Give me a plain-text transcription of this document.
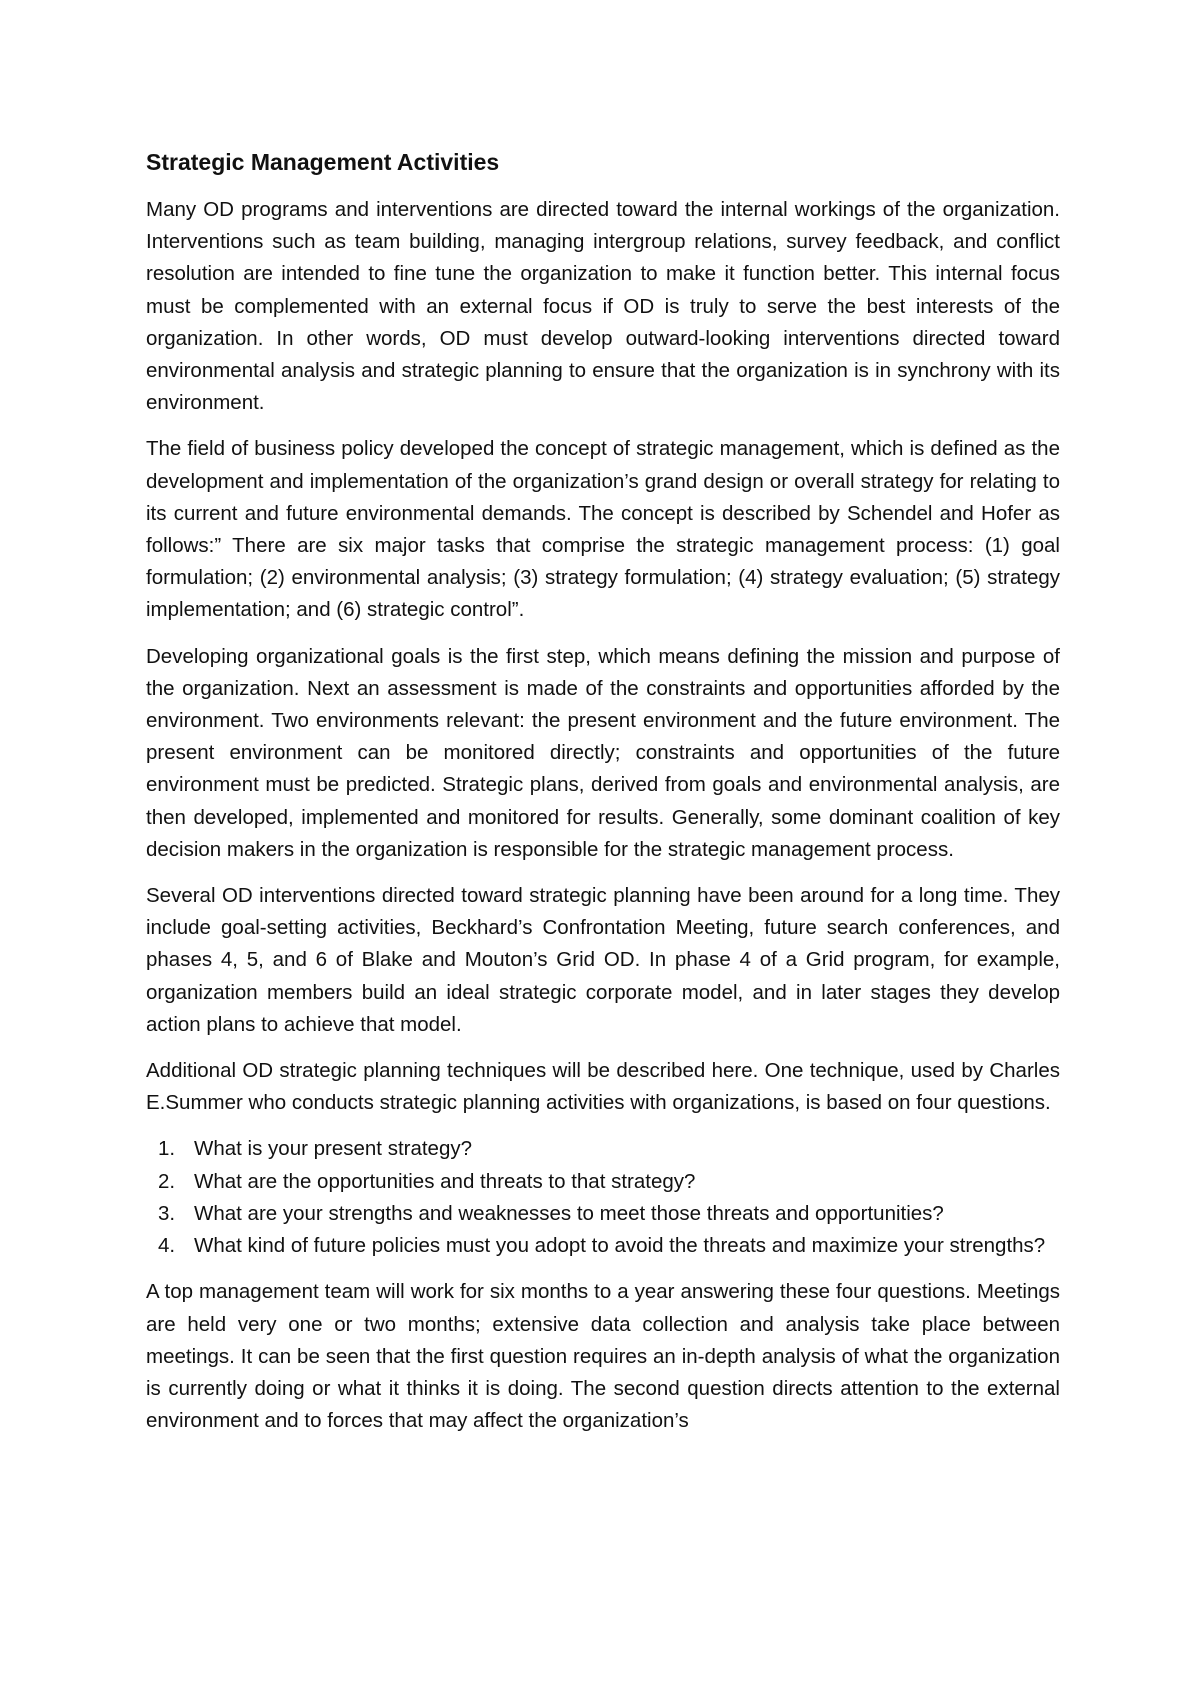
Strategic Management Activities

Many OD programs and interventions are directed toward the internal workings of the organization. Interventions such as team building, managing intergroup relations, survey feedback, and conflict resolution are intended to fine tune the organization to make it function better. This internal focus must be complemented with an external focus if OD is truly to serve the best interests of the organization. In other words, OD must develop outward-looking interventions directed toward environmental analysis and strategic planning to ensure that the organization is in synchrony with its environment.

The field of business policy developed the concept of strategic management, which is defined as the development and implementation of the organization’s grand design or overall strategy for relating to its current and future environmental demands. The concept is described by Schendel and Hofer as follows:” There are six major tasks that comprise the strategic management process: (1) goal formulation; (2) environmental analysis; (3) strategy formulation; (4) strategy evaluation; (5) strategy implementation; and (6) strategic control”.

Developing organizational goals is the first step, which means defining the mission and purpose of the organization. Next an assessment is made of the constraints and opportunities afforded by the environment. Two environments relevant: the present environment and the future environment. The present environment can be monitored directly; constraints and opportunities of the future environment must be predicted. Strategic plans, derived from goals and environmental analysis, are then developed, implemented and monitored for results. Generally, some dominant coalition of key decision makers in the organization is responsible for the strategic management process.

Several OD interventions directed toward strategic planning have been around for a long time. They include goal-setting activities, Beckhard’s Confrontation Meeting, future search conferences, and phases 4, 5, and 6 of Blake and Mouton’s Grid OD. In phase 4 of a Grid program, for example, organization members build an ideal strategic corporate model, and in later stages they develop action plans to achieve that model.

Additional OD strategic planning techniques will be described here. One technique, used by Charles E.Summer who conducts strategic planning activities with organizations, is based on four questions.

1. What is your present strategy?
2. What are the opportunities and threats to that strategy?
3. What are your strengths and weaknesses to meet those threats and opportunities?
4. What kind of future policies must you adopt to avoid the threats and maximize your strengths?

A top management team will work for six months to a year answering these four questions. Meetings are held very one or two months; extensive data collection and analysis take place between meetings. It can be seen that the first question requires an in-depth analysis of what the organization is currently doing or what it thinks it is doing. The second question directs attention to the external environment and to forces that may affect the organization’s
